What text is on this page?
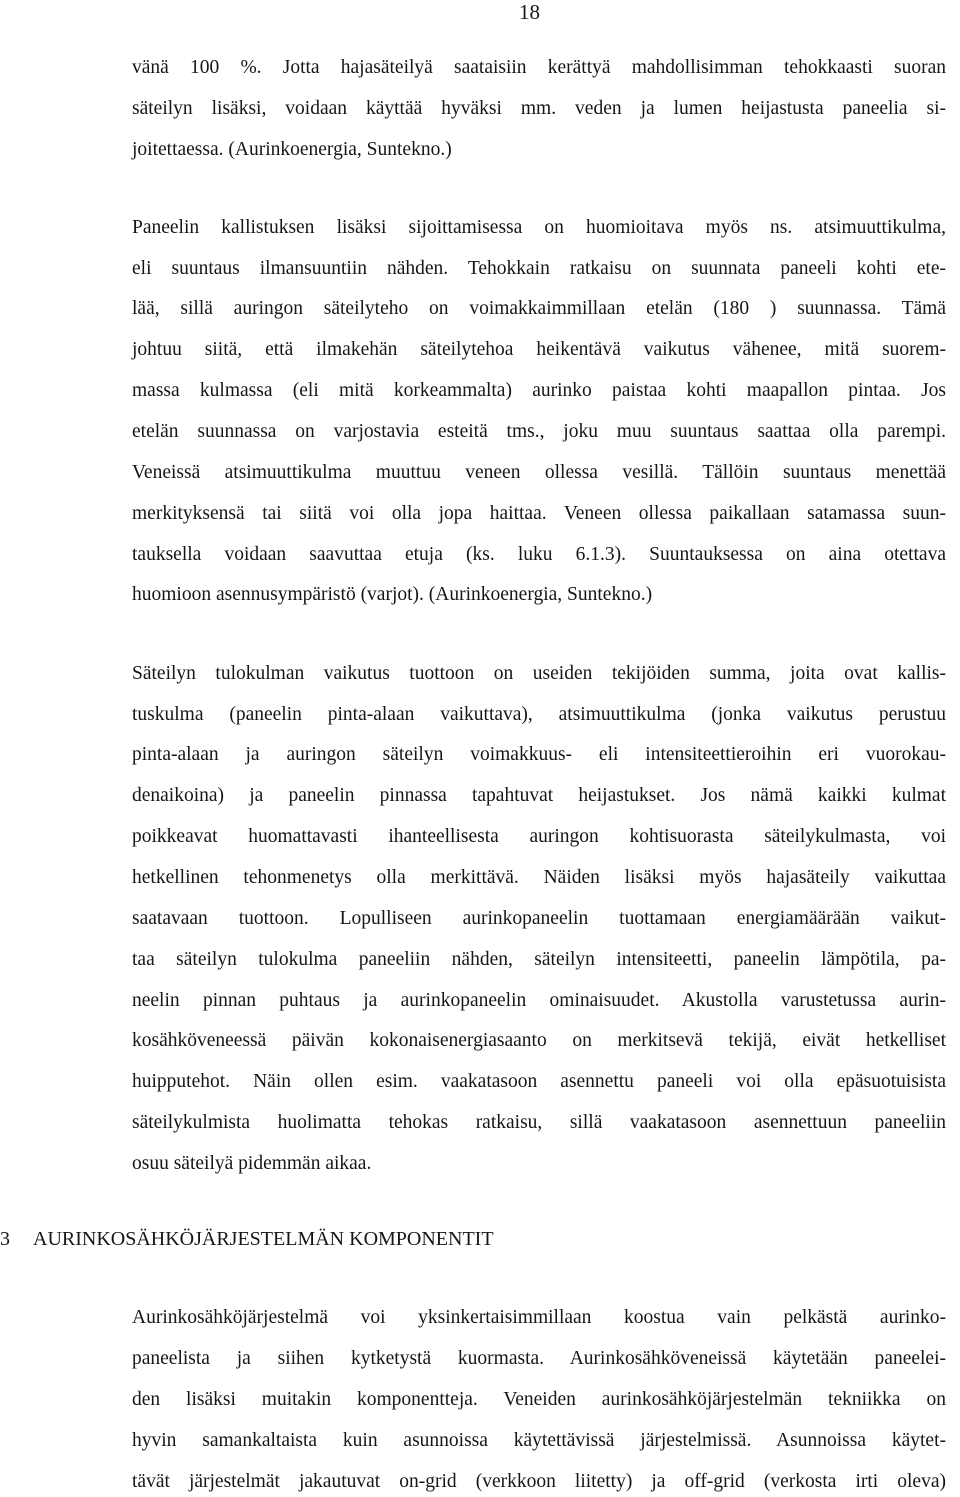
18
vänä 100 %. Jotta hajasäteilyä saataisiin kerättyä mahdollisimman tehokkaasti suoran
säteilyn lisäksi, voidaan käyttää hyväksi mm. veden ja lumen heijastusta paneelia si-
joitettaessa. (Aurinkoenergia, Suntekno.)
Paneelin kallistuksen lisäksi sijoittamisessa on huomioitava myös ns. atsimuuttikulma,
eli suuntaus ilmansuuntiin nähden. Tehokkain ratkaisu on suunnata paneeli kohti ete-
lää, sillä auringon säteilyteho on voimakkaimmillaan etelän (180 ) suunnassa. Tämä
johtuu siitä, että ilmakehän säteilytehoa heikentävä vaikutus vähenee, mitä suorem-
massa kulmassa (eli mitä korkeammalta) aurinko paistaa kohti maapallon pintaa. Jos
etelän suunnassa on varjostavia esteitä tms., joku muu suuntaus saattaa olla parempi.
Veneissä atsimuuttikulma muuttuu veneen ollessa vesillä. Tällöin suuntaus menettää
merkityksensä tai siitä voi olla jopa haittaa. Veneen ollessa paikallaan satamassa suun-
tauksella voidaan saavuttaa etuja (ks. luku 6.1.3). Suuntauksessa on aina otettava
huomioon asennusympäristö (varjot). (Aurinkoenergia, Suntekno.)
Säteilyn tulokulman vaikutus tuottoon on useiden tekijöiden summa, joita ovat kallis-
tuskulma (paneelin pinta-alaan vaikuttava), atsimuuttikulma (jonka vaikutus perustuu
pinta-alaan ja auringon säteilyn voimakkuus- eli intensiteettieroihin eri vuorokau-
denaikoina) ja paneelin pinnassa tapahtuvat heijastukset. Jos nämä kaikki kulmat
poikkeavat huomattavasti ihanteellisesta auringon kohtisuorasta säteilykulmasta, voi
hetkellinen tehonmenetys olla merkittävä. Näiden lisäksi myös hajasäteily vaikuttaa
saatavaan tuottoon. Lopulliseen aurinkopaneelin tuottamaan energiamäärään vaikut-
taa säteilyn tulokulma paneeliin nähden, säteilyn intensiteetti, paneelin lämpötila, pa-
neelin pinnan puhtaus ja aurinkopaneelin ominaisuudet. Akustolla varustetussa aurin-
kosähköveneessä päivän kokonaisenergiasaanto on merkitsevä tekijä, eivät hetkelliset
huipputehot. Näin ollen esim. vaakatasoon asennettu paneeli voi olla epäsuotuisista
säteilykulmista huolimatta tehokas ratkaisu, sillä vaakatasoon asennettuun paneeliin
osuu säteilyä pidemmän aikaa.
3 AURINKOSÄHKÖJÄRJESTELMÄN KOMPONENTIT
Aurinkosähköjärjestelmä voi yksinkertaisimmillaan koostua vain pelkästä aurinko-
paneelista ja siihen kytketystä kuormasta. Aurinkosähköveneissä käytetään paneelei-
den lisäksi muitakin komponentteja. Veneiden aurinkosähköjärjestelmän tekniikka on
hyvin samankaltaista kuin asunnoissa käytettävissä järjestelmissä. Asunnoissa käytet-
tävät järjestelmät jakautuvat on-grid (verkkoon liitetty) ja off-grid (verkosta irti oleva)
